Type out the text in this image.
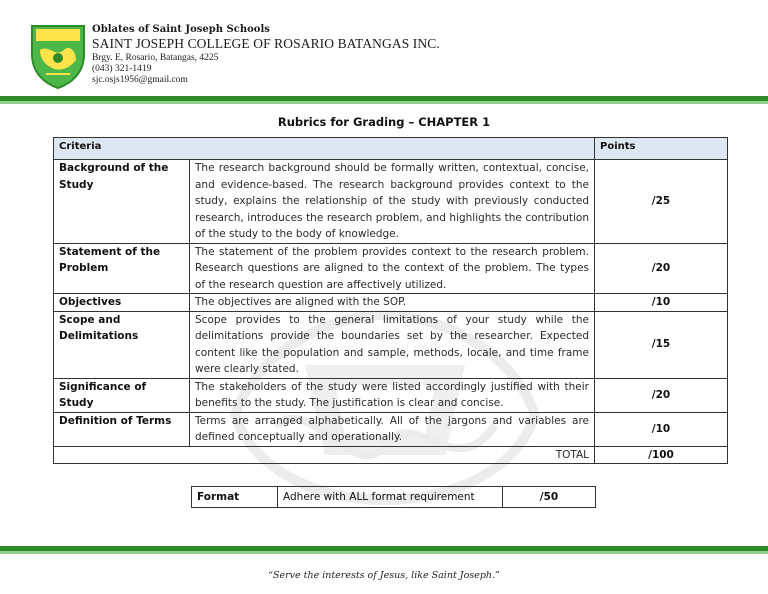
Oblates of Saint Joseph Schools
SAINT JOSEPH COLLEGE OF ROSARIO BATANGAS INC.
Brgy. E, Rosario, Batangas, 4225
(043) 321-1419
sjc.osjs1956@gmail.com
Rubrics for Grading – CHAPTER 1
Criteria		Points
Background of the Study	The research background should be formally written, contextual, concise, and evidence-based. The research background provides context to the study, explains the relationship of the study with previously conducted research, introduces the research problem, and highlights the contribution of the study to the body of knowledge.	/25
Statement of the Problem	The statement of the problem provides context to the research problem. Research questions are aligned to the context of the problem. The types of the research question are affectively utilized.	/20
Objectives	The objectives are aligned with the SOP.	/10
Scope and Delimitations	Scope provides to the general limitations of your study while the delimitations provide the boundaries set by the researcher. Expected content like the population and sample, methods, locale, and time frame were clearly stated.	/15
Significance of Study	The stakeholders of the study were listed accordingly justified with their benefits to the study. The justification is clear and concise.	/20
Definition of Terms	Terms are arranged alphabetically. All of the jargons and variables are defined conceptually and operationally.	/10
TOTAL		/100
Format	Adhere with ALL format requirement	/50
“Serve the interests of Jesus, like Saint Joseph.”
